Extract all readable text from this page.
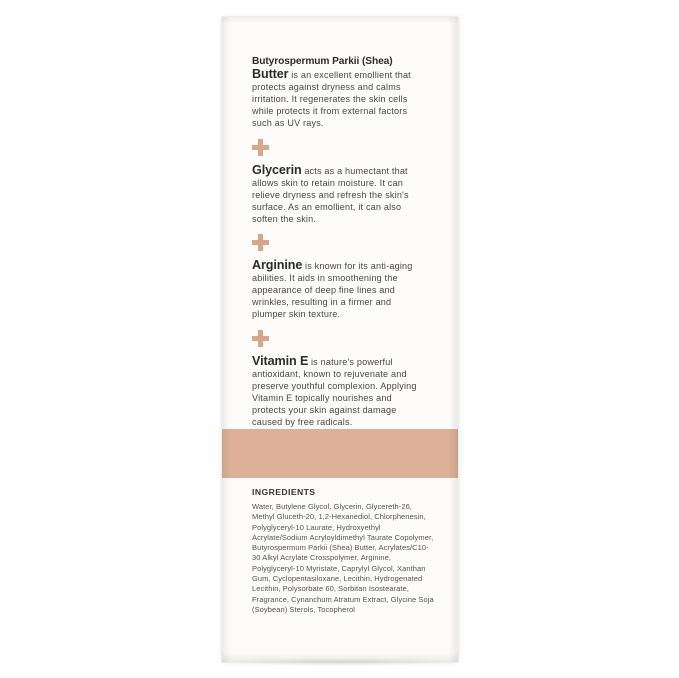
Butyrospermum Parkii (Shea)
Butter is an excellent emollient that protects against dryness and calms irritation. It regenerates the skin cells while protects it from external factors such as UV rays.
Glycerin acts as a humectant that allows skin to retain moisture. It can relieve dryness and refresh the skin's surface. As an emollient, it can also soften the skin.
Arginine is known for its anti-aging abilities. It aids in smoothening the appearance of deep fine lines and wrinkles, resulting in a firmer and plumper skin texture.
Vitamin E is nature's powerful antioxidant, known to rejuvenate and preserve youthful complexion. Applying Vitamin E topically nourishes and protects your skin against damage caused by free radicals.
INGREDIENTS
Water, Butylene Glycol, Glycerin, Glycereth-26, Methyl Gluceth-20, 1,2-Hexanediol, Chlorphenesin, Polyglyceryl-10 Laurate, Hydroxyethyl Acrylate/Sodium Acryloyldimethyl Taurate Copolymer, Butyrospermum Parkii (Shea) Butter, Acrylates/C10-30 Alkyl Acrylate Crosspolymer, Arginine, Polyglyceryl-10 Myristate, Caprylyl Glycol, Xanthan Gum, Cyclopentasiloxane, Lecithin, Hydrogenated Lecithin, Polysorbate 60, Sorbitan Isostearate, Fragrance, Cynanchum Atratum Extract, Glycine Soja (Soybean) Sterols, Tocopherol
